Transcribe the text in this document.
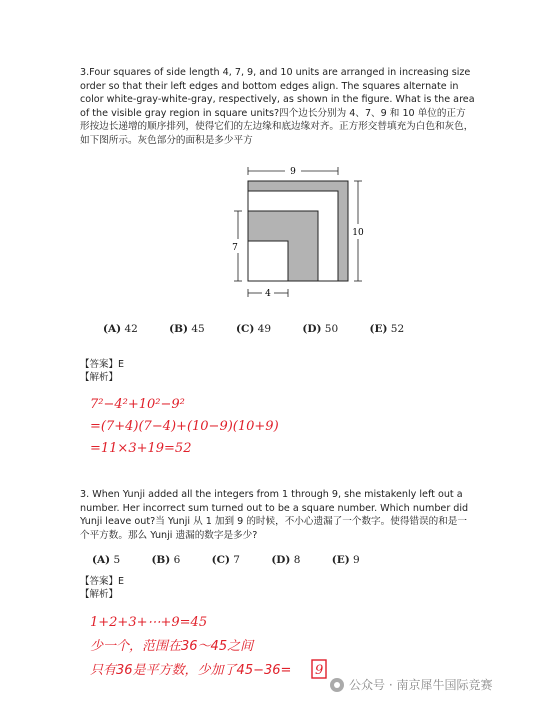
3.Four squares of side length 4, 7, 9, and 10 units are arranged in increasing size order so that their left edges and bottom edges align. The squares alternate in color white-gray-white-gray, respectively, as shown in the figure. What is the area of the visible gray region in square units?四个边长分别为 4、7、9 和 10 单位的正方形按边长递增的顺序排列，使得它们的左边缘和底边缘对齐。正方形交替填充为白色和灰色，如下图所示。灰色部分的面积是多少平方
9
10
7
4
(A) 42	(B) 45	(C) 49	(D) 50	(E) 52
【答案】E
【解析】
7²−4²+10²−9²
=(7+4)(7−4)+(10−9)(10+9)
=11×3+19=52
3. When Yunji added all the integers from 1 through 9, she mistakenly left out a number. Her incorrect sum turned out to be a square number. Which number did Yunji leave out?当 Yunji 从 1 加到 9 的时候，不小心遗漏了一个数字。使得错误的和是一个平方数。那么 Yunji 遗漏的数字是多少?
(A) 5	(B) 6	(C) 7	(D) 8	(E) 9
【答案】E
【解析】
1+2+3+⋯+9=45
少一个，范围在36～45之间
只有36是平方数，少加了45−36= 9
公众号 · 南京犀牛国际竞赛
